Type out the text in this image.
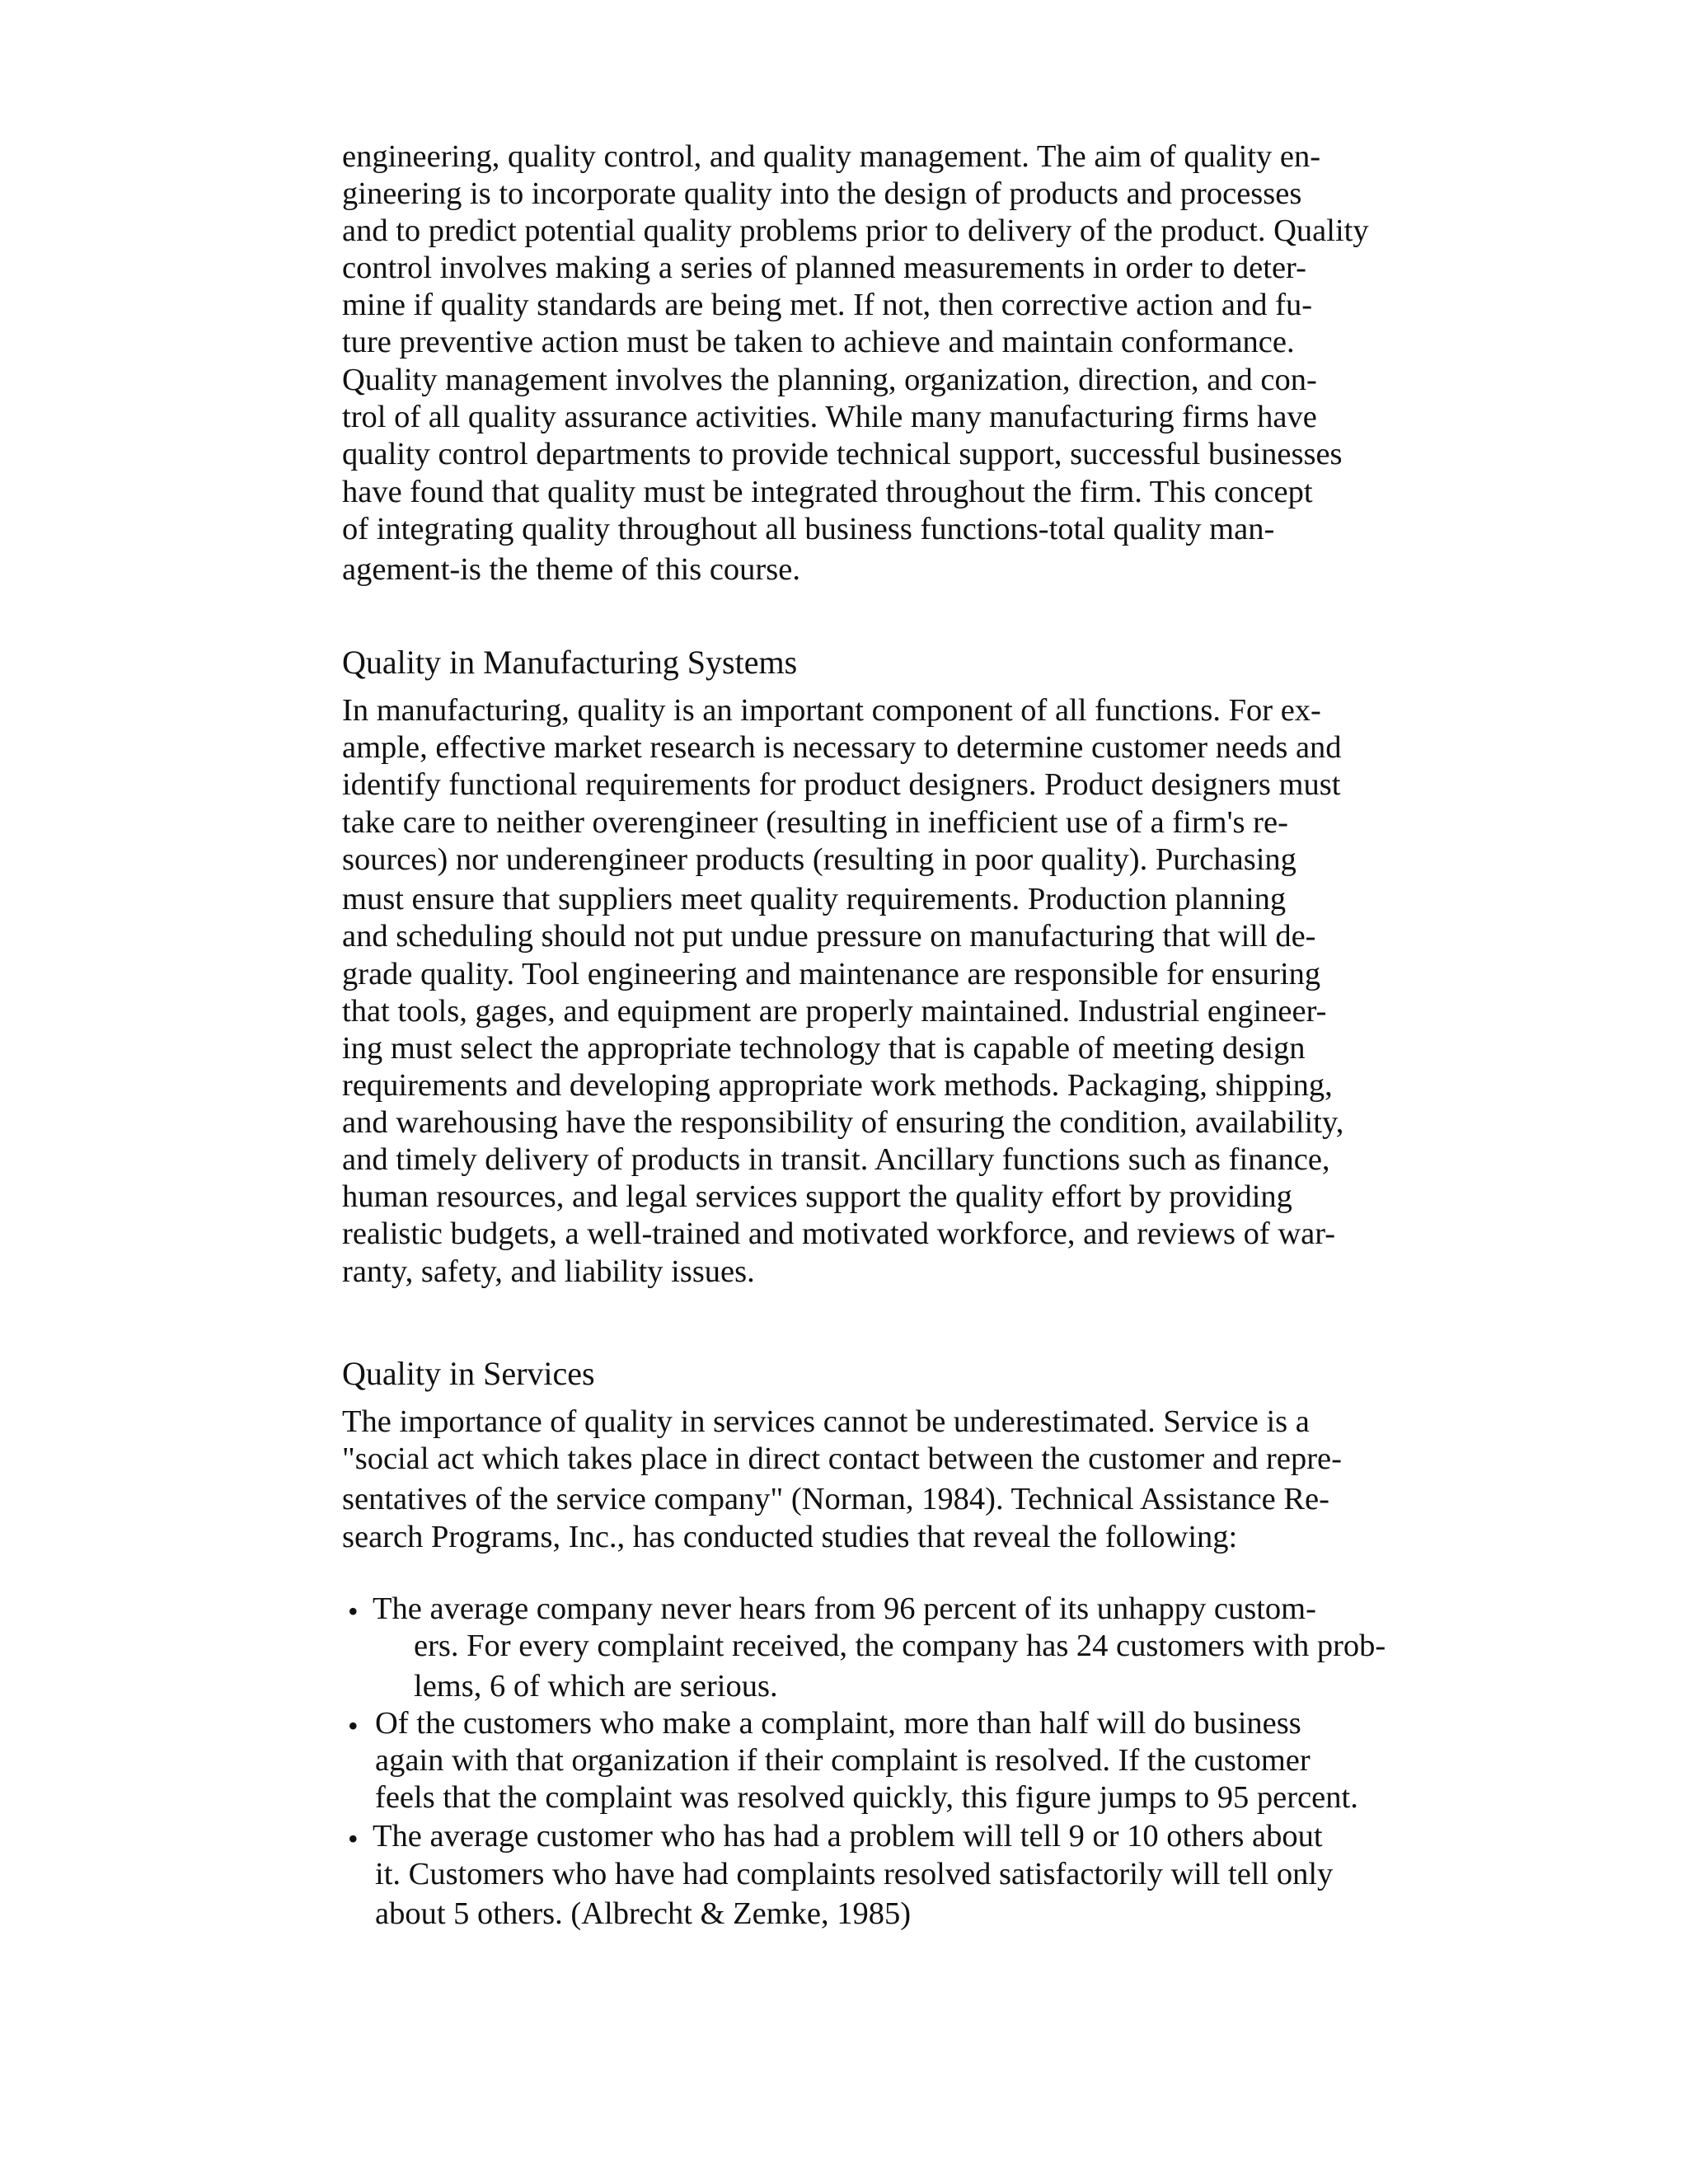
engineering, quality control, and quality management. The aim of quality en-
gineering is to incorporate quality into the design of products and processes
and to predict potential quality problems prior to delivery of the product. Quality
control involves making a series of planned measurements in order to deter-
mine if quality standards are being met. If not, then corrective action and fu-
ture preventive action must be taken to achieve and maintain conformance.
Quality management involves the planning, organization, direction, and con-
trol of all quality assurance activities. While many manufacturing firms have
quality control departments to provide technical support, successful businesses
have found that quality must be integrated throughout the firm. This concept
of integrating quality throughout all business functions-total quality man-
agement-is the theme of this course.
Quality in Manufacturing Systems
In manufacturing, quality is an important component of all functions. For ex-
ample, effective market research is necessary to determine customer needs and
identify functional requirements for product designers. Product designers must
take care to neither overengineer (resulting in inefficient use of a firm's re-
sources) nor underengineer products (resulting in poor quality). Purchasing
must ensure that suppliers meet quality requirements. Production planning
and scheduling should not put undue pressure on manufacturing that will de-
grade quality. Tool engineering and maintenance are responsible for ensuring
that tools, gages, and equipment are properly maintained. Industrial engineer-
ing must select the appropriate technology that is capable of meeting design
requirements and developing appropriate work methods. Packaging, shipping,
and warehousing have the responsibility of ensuring the condition, availability,
and timely delivery of products in transit. Ancillary functions such as finance,
human resources, and legal services support the quality effort by providing
realistic budgets, a well-trained and motivated workforce, and reviews of war-
ranty, safety, and liability issues.
Quality in Services
The importance of quality in services cannot be underestimated. Service is a
"social act which takes place in direct contact between the customer and repre-
sentatives of the service company" (Norman, 1984). Technical Assistance Re-
search Programs, Inc., has conducted studies that reveal the following:
• The average company never hears from 96 percent of its unhappy custom-
ers. For every complaint received, the company has 24 customers with prob-
lems, 6 of which are serious.
• Of the customers who make a complaint, more than half will do business
again with that organization if their complaint is resolved. If the customer
feels that the complaint was resolved quickly, this figure jumps to 95 percent.
• The average customer who has had a problem will tell 9 or 10 others about
it. Customers who have had complaints resolved satisfactorily will tell only
about 5 others. (Albrecht & Zemke, 1985)
